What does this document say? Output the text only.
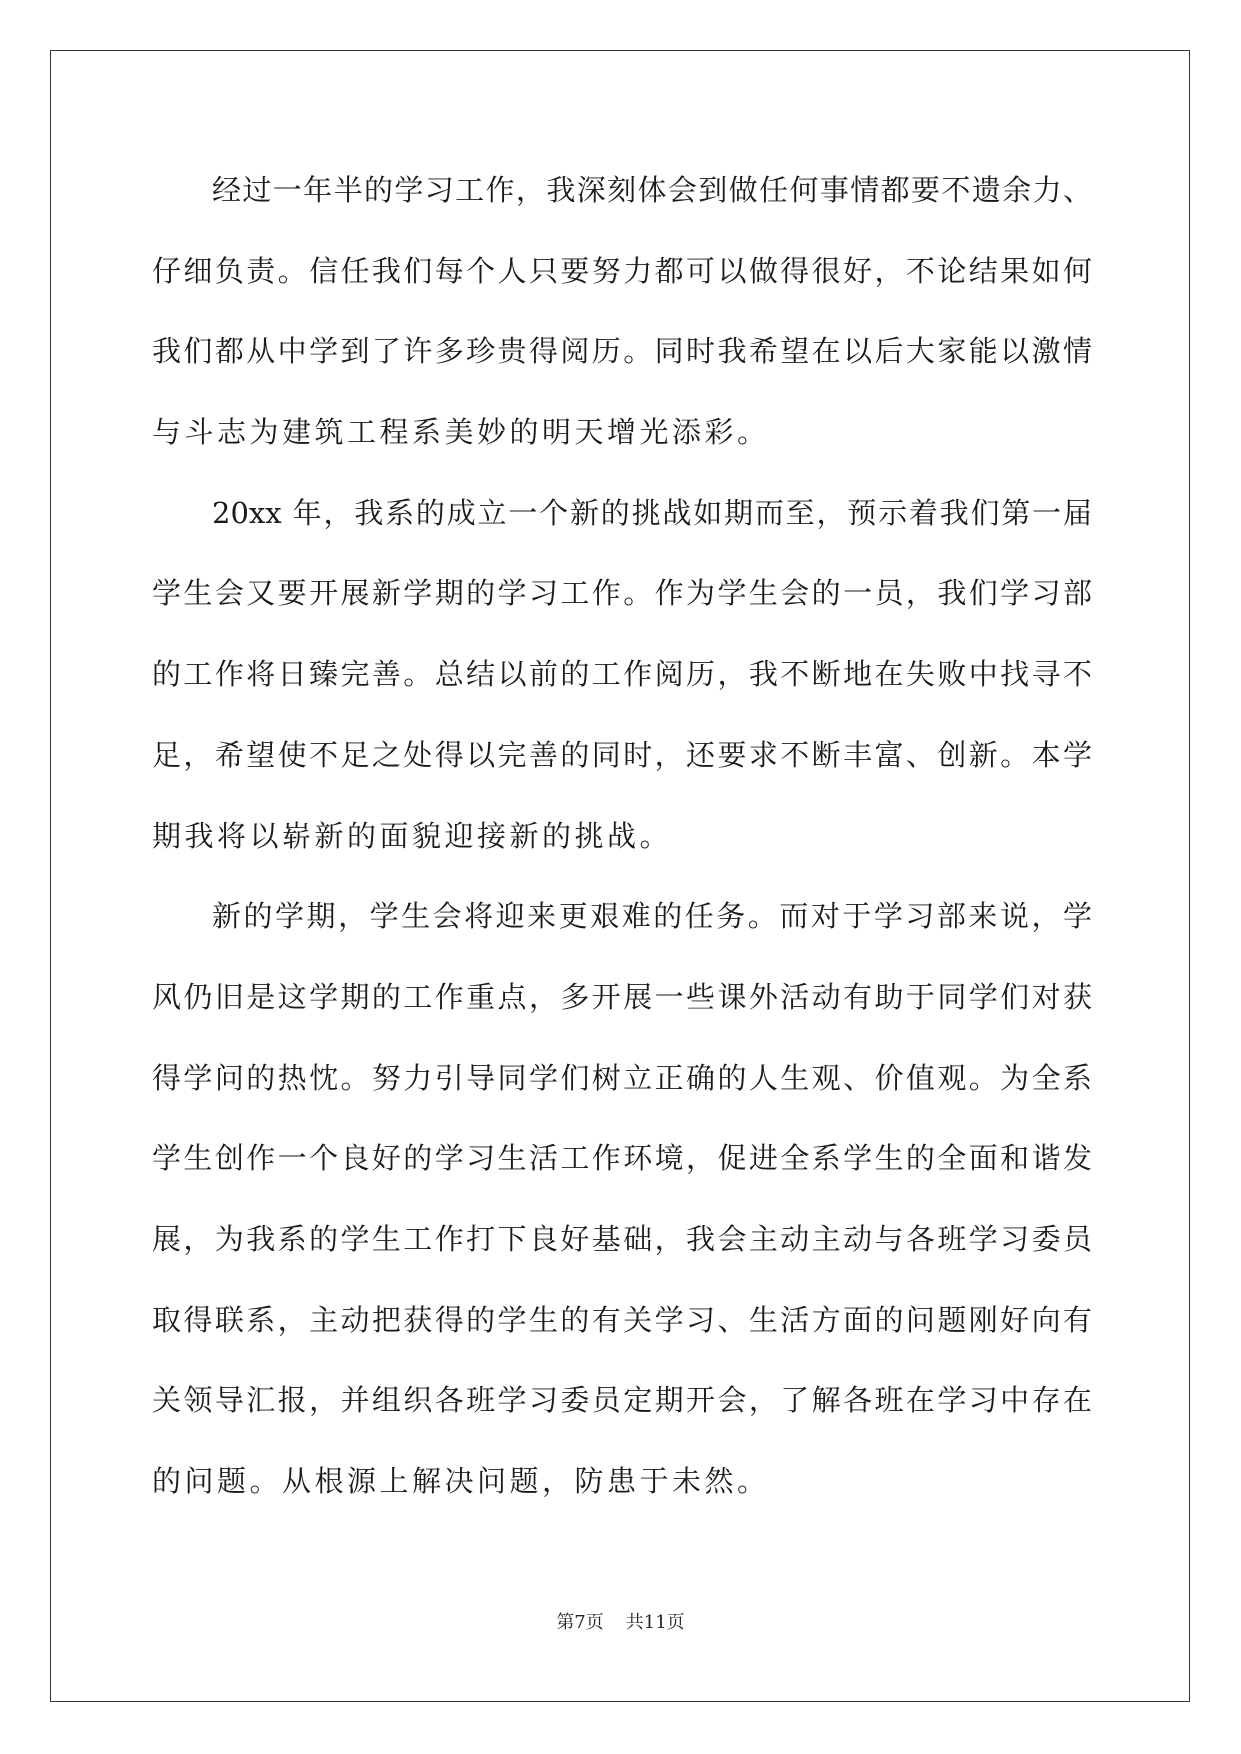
经过一年半的学习工作，我深刻体会到做任何事情都要不遗余力、
仔细负责。信任我们每个人只要努力都可以做得很好，不论结果如何
我们都从中学到了许多珍贵得阅历。同时我希望在以后大家能以激情
与斗志为建筑工程系美妙的明天增光添彩。
20xx 年，我系的成立一个新的挑战如期而至，预示着我们第一届
学生会又要开展新学期的学习工作。作为学生会的一员，我们学习部
的工作将日臻完善。总结以前的工作阅历，我不断地在失败中找寻不
足，希望使不足之处得以完善的同时，还要求不断丰富、创新。本学
期我将以崭新的面貌迎接新的挑战。
新的学期，学生会将迎来更艰难的任务。而对于学习部来说，学
风仍旧是这学期的工作重点，多开展一些课外活动有助于同学们对获
得学问的热忱。努力引导同学们树立正确的人生观、价值观。为全系
学生创作一个良好的学习生活工作环境，促进全系学生的全面和谐发
展，为我系的学生工作打下良好基础，我会主动主动与各班学习委员
取得联系，主动把获得的学生的有关学习、生活方面的问题刚好向有
关领导汇报，并组织各班学习委员定期开会，了解各班在学习中存在
的问题。从根源上解决问题，防患于未然。
第7页 共11页
